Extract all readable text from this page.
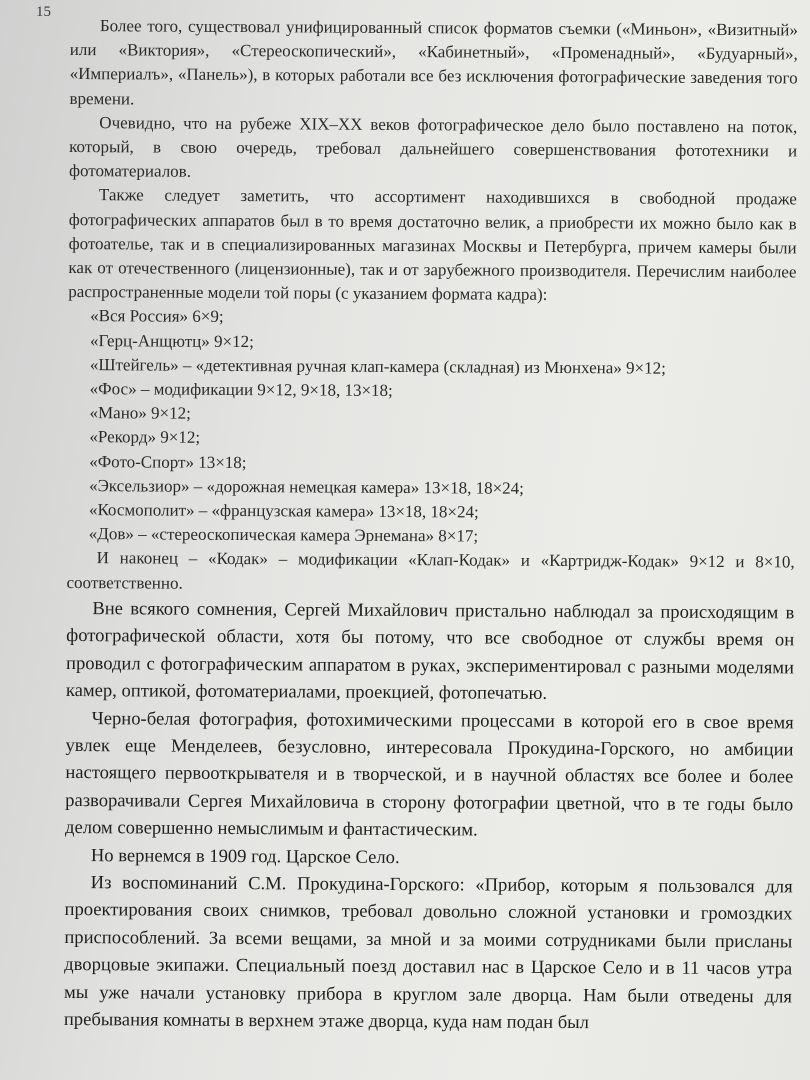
15

Более того, существовал унифицированный список форматов съемки («Миньон», «Визитный» или «Виктория», «Стереоскопический», «Кабинетный», «Променадный», «Будуарный», «Империалъ», «Панель»), в которых работали все без исключения фотографические заведения того времени.

Очевидно, что на рубеже XIX–XX веков фотографическое дело было поставлено на поток, который, в свою очередь, требовал дальнейшего совершенствования фототехники и фотоматериалов.

Также следует заметить, что ассортимент находившихся в свободной продаже фотографических аппаратов был в то время достаточно велик, а приобрести их можно было как в фотоателье, так и в специализированных магазинах Москвы и Петербурга, причем камеры были как от отечественного (лицензионные), так и от зарубежного производителя. Перечислим наиболее распространенные модели той поры (с указанием формата кадра):

«Вся Россия» 6×9;
«Герц-Анщютц» 9×12;
«Штейгель» – «детективная ручная клап-камера (складная) из Мюнхена» 9×12;
«Фос» – модификации 9×12, 9×18, 13×18;
«Мано» 9×12;
«Рекорд» 9×12;
«Фото-Спорт» 13×18;
«Эксельзиор» – «дорожная немецкая камера» 13×18, 18×24;
«Космополит» – «французская камера» 13×18, 18×24;
«Дов» – «стереоскопическая камера Эрнемана» 8×17;

И наконец – «Кодак» – модификации «Клап-Кодак» и «Картридж-Кодак» 9×12 и 8×10, соответственно.

Вне всякого сомнения, Сергей Михайлович пристально наблюдал за происходящим в фотографической области, хотя бы потому, что все свободное от службы время он проводил с фотографическим аппаратом в руках, экспериментировал с разными моделями камер, оптикой, фотоматериалами, проекцией, фотопечатью.

Черно-белая фотография, фотохимическими процессами в которой его в свое время увлек еще Менделеев, безусловно, интересовала Прокудина-Горского, но амбиции настоящего первооткрывателя и в творческой, и в научной областях все более и более разворачивали Сергея Михайловича в сторону фотографии цветной, что в те годы было делом совершенно немыслимым и фантастическим.

Но вернемся в 1909 год. Царское Село.

Из воспоминаний С.М. Прокудина-Горского: «Прибор, которым я пользовался для проектирования своих снимков, требовал довольно сложной установки и громоздких приспособлений. За всеми вещами, за мной и за моими сотрудниками были присланы дворцовые экипажи. Специальный поезд доставил нас в Царское Село и в 11 часов утра мы уже начали установку прибора в круглом зале дворца. Нам были отведены для пребывания комнаты в верхнем этаже дворца, куда нам подан был
